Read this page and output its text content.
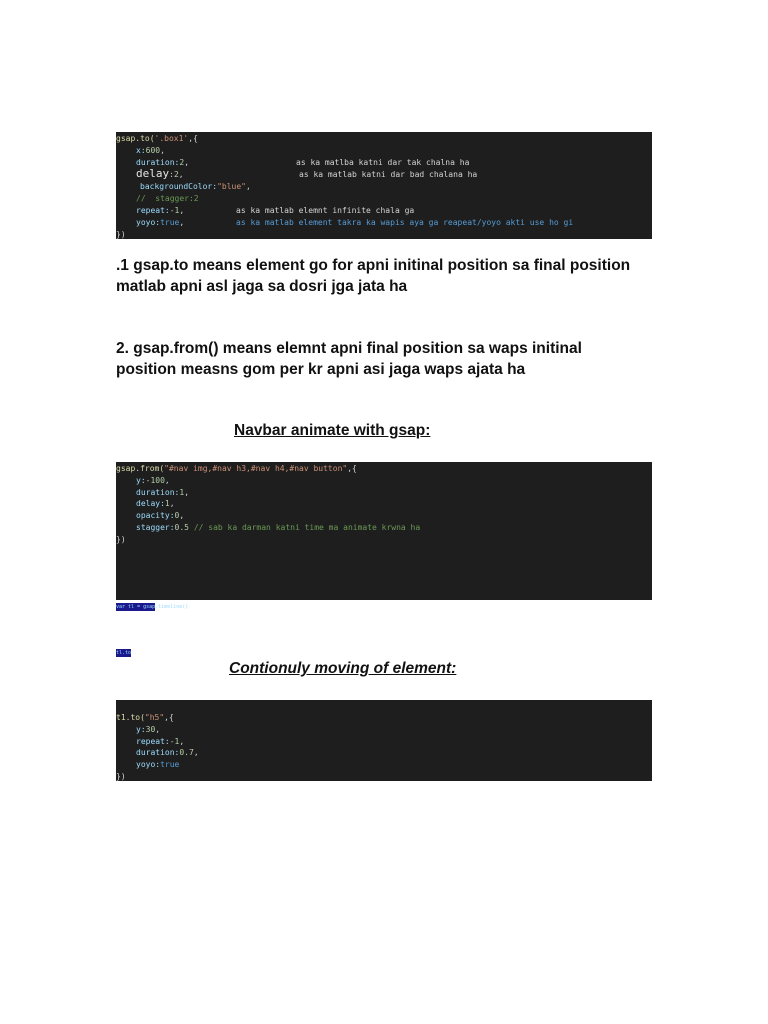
gsap.to('.box1',{
x:600,
duration:2,	as ka matlba katni dar tak chalna ha
delay:2,	as ka matlab katni dar bad chalana ha
backgroundColor:"blue",
//  stagger:2
repeat:-1,	as ka matlab elemnt infinite chala ga
yoyo:true,	as ka matlab element takra ka wapis aya ga reapeat/yoyo akti use ho gi
})
.1 gsap.to means element go for apni initinal position sa final position
matlab apni asl jaga sa dosri jga jata ha
2. gsap.from() means elemnt apni final position sa waps initinal
position measns gom per kr apni asi jaga waps ajata ha
Navbar animate with gsap:
gsap.from("#nav img,#nav h3,#nav h4,#nav button",{
y:-100,
duration:1,
delay:1,
opacity:0,
stagger:0.5 // sab ka darman katni time ma animate krwna ha
})
var tl = gsap.timeline()
tl.to
Contionuly moving of element:
t1.to("h5",{
y:30,
repeat:-1,
duration:0.7,
yoyo:true
})
